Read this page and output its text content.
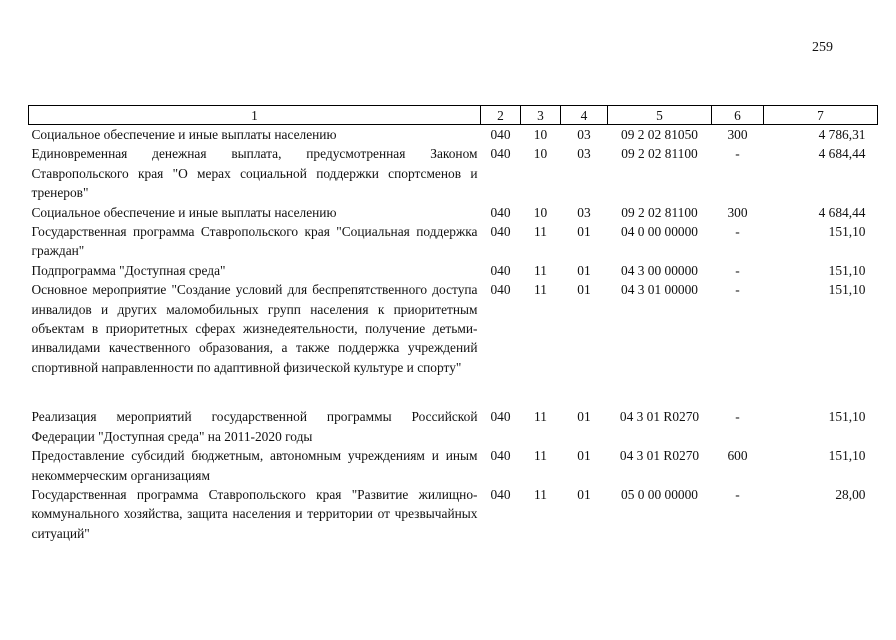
259
1	2	3	4	5	6	7
Социальное обеспечение и иные выплаты населению	040	10	03	09 2 02 81050	300	4 786,31
Единовременная денежная выплата, предусмотренная Законом Ставропольского края "О мерах социальной поддержки спортсменов и тренеров"	040	10	03	09 2 02 81100	-	4 684,44
Социальное обеспечение и иные выплаты населению	040	10	03	09 2 02 81100	300	4 684,44
Государственная программа Ставропольского края "Социальная поддержка граждан"	040	11	01	04 0 00 00000	-	151,10
Подпрограмма "Доступная среда"	040	11	01	04 3 00 00000	-	151,10
Основное мероприятие "Создание условий для беспрепятственного доступа инвалидов и других маломобильных групп населения к приоритетным объектам в приоритетных сферах жизнедеятельности, получение детьми-инвалидами качественного образования, а также поддержка учреждений спортивной направленности по адаптивной физической культуре и спорту"	040	11	01	04 3 01 00000	-	151,10

Реализация мероприятий государственной программы Российской Федерации "Доступная среда" на 2011-2020 годы	040	11	01	04 3 01 R0270	-	151,10
Предоставление субсидий бюджетным, автономным учреждениям и иным некоммерческим организациям	040	11	01	04 3 01 R0270	600	151,10
Государственная программа Ставропольского края "Развитие жилищно-коммунального хозяйства, защита населения и территории от чрезвычайных ситуаций"	040	11	01	05 0 00 00000	-	28,00
